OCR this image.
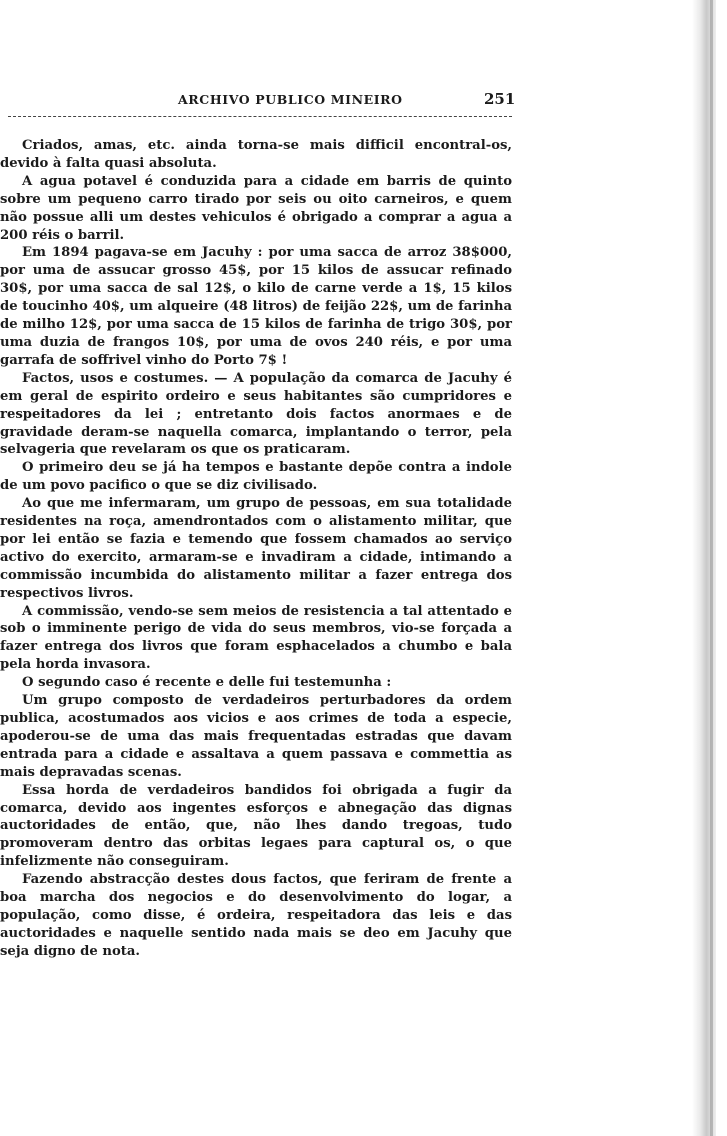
ARCHIVO PUBLICO MINEIRO	251

Criados, amas, etc. ainda torna-se mais difficil encontral-os, devido à falta quasi absoluta.

A agua potavel é conduzida para a cidade em barris de quinto sobre um pequeno carro tirado por seis ou oito carneiros, e quem não possue alli um destes vehiculos é obrigado a comprar a agua a 200 réis o barril.

Em 1894 pagava-se em Jacuhy : por uma sacca de arroz 38$000, por uma de assucar grosso 45$, por 15 kilos de assucar refinado 30$, por uma sacca de sal 12$, o kilo de carne verde a 1$, 15 kilos de toucinho 40$, um alqueire (48 litros) de feijão 22$, um de farinha de milho 12$, por uma sacca de 15 kilos de farinha de trigo 30$, por uma duzia de frangos 10$, por uma de ovos 240 réis, e por uma garrafa de soffrivel vinho do Porto 7$ !

Factos, usos e costumes. — A população da comarca de Jacuhy é em geral de espirito ordeiro e seus habitantes são cumpridores e respeitadores da lei ; entretanto dois factos anormaes e de gravidade deram-se naquella comarca, implantando o terror, pela selvageria que revelaram os que os praticaram.

O primeiro deu se já ha tempos e bastante depõe contra a indole de um povo pacifico o que se diz civilisado.

Ao que me infermaram, um grupo de pessoas, em sua totalidade residentes na roça, amendrontados com o alistamento militar, que por lei então se fazia e temendo que fossem chamados ao serviço activo do exercito, armaram-se e invadiram a cidade, intimando a commissão incumbida do alistamento militar a fazer entrega dos respectivos livros.

A commissão, vendo-se sem meios de resistencia a tal attentado e sob o imminente perigo de vida do seus membros, vio-se forçada a fazer entrega dos livros que foram esphacelados a chumbo e bala pela horda invasora.

O segundo caso é recente e delle fui testemunha :

Um grupo composto de verdadeiros perturbadores da ordem publica, acostumados aos vicios e aos crimes de toda a especie, apoderou-se de uma das mais frequentadas estradas que davam entrada para a cidade e assaltava a quem passava e commettia as mais depravadas scenas.

Essa horda de verdadeiros bandidos foi obrigada a fugir da comarca, devido aos ingentes esforços e abnegação das dignas auctoridades de então, que, não lhes dando tregoas, tudo promoveram dentro das orbitas legaes para captural os, o que infelizmente não conseguiram.

Fazendo abstracção destes dous factos, que feriram de frente a boa marcha dos negocios e do desenvolvimento do logar, a população, como disse, é ordeira, respeitadora das leis e das auctoridades e naquelle sentido nada mais se deo em Jacuhy que seja digno de nota.
